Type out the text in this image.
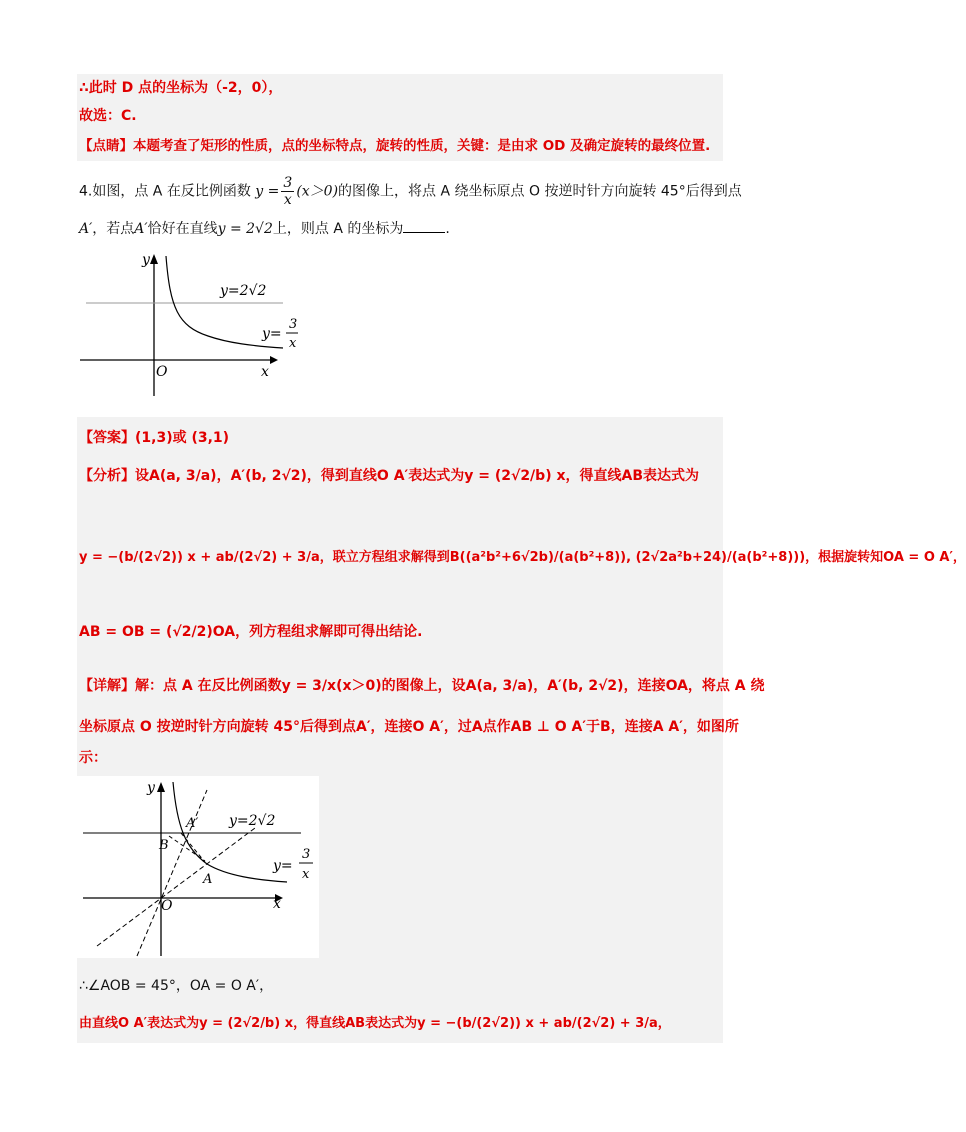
∴此时 D 点的坐标为（-2，0），
故选：C.
【点睛】本题考查了矩形的性质，点的坐标特点，旋转的性质，关键：是由求 OD 及确定旋转的最终位置.
4.如图，点 A 在反比例函数 $y = \frac{3}{x} (x>0)$的图像上，将点 A 绕坐标原点 O 按逆时针方向旋转 45°后得到点
A′，若点A′恰好在直线y = 2√2上，则点 A 的坐标为	.
y
x
O
y=2√2
y=
3
x
【答案】(1,3)或 (3,1)
【分析】设A(a, 3/a)，A′(b, 2√2)，得到直线O A′表达式为y = (2√2/b) x，得直线AB表达式为
y = −(b/(2√2)) x + ab/(2√2) + 3/a，联立方程组求解得到B((a²b²+6√2b)/(a(b²+8)), (2√2a²b+24)/(a(b²+8)))，根据旋转知OA = O A′，
AB = OB = (√2/2)OA，列方程组求解即可得出结论.
【详解】解：点 A 在反比例函数y = 3/x(x＞0)的图像上，设A(a, 3/a)，A′(b, 2√2)，连接OA，将点 A 绕
坐标原点 O 按逆时针方向旋转 45°后得到点A′，连接O A′，过A点作AB ⊥ O A′于B，连接A A′，如图所
示：
y
x
O
A′
B
A
y=2√2
y=
3
x
∴∠AOB = 45°，OA = O A′，
由直线O A′表达式为y = (2√2/b) x，得直线AB表达式为y = −(b/(2√2)) x + ab/(2√2) + 3/a，
